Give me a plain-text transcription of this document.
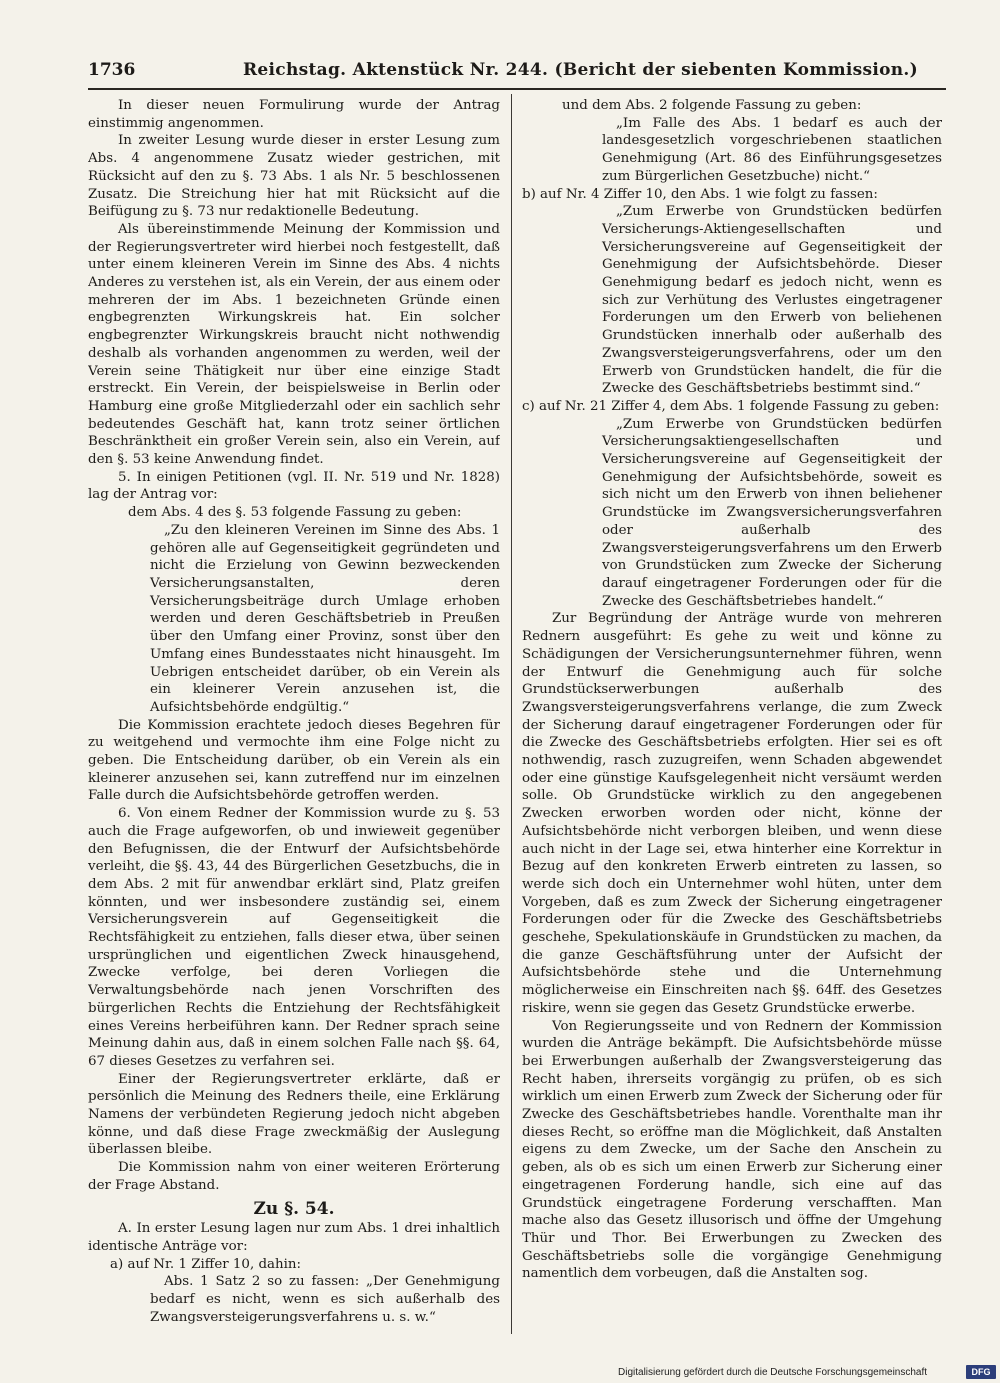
1736	Reichstag. Aktenstück Nr. 244. (Bericht der siebenten Kommission.)

In dieser neuen Formulirung wurde der Antrag einstimmig angenommen.

In zweiter Lesung wurde dieser in erster Lesung zum Abs. 4 angenommene Zusatz wieder gestrichen, mit Rücksicht auf den zu §. 73 Abs. 1 als Nr. 5 beschlossenen Zusatz. Die Streichung hier hat mit Rücksicht auf die Beifügung zu §. 73 nur redaktionelle Bedeutung.

Als übereinstimmende Meinung der Kommission und der Regierungsvertreter wird hierbei noch festgestellt, daß unter einem kleineren Verein im Sinne des Abs. 4 nichts Anderes zu verstehen ist, als ein Verein, der aus einem oder mehreren der im Abs. 1 bezeichneten Gründe einen engbegrenzten Wirkungskreis hat. Ein solcher engbegrenzter Wirkungskreis braucht nicht nothwendig deshalb als vorhanden angenommen zu werden, weil der Verein seine Thätigkeit nur über eine einzige Stadt erstreckt. Ein Verein, der beispielsweise in Berlin oder Hamburg eine große Mitgliederzahl oder ein sachlich sehr bedeutendes Geschäft hat, kann trotz seiner örtlichen Beschränktheit ein großer Verein sein, also ein Verein, auf den §. 53 keine Anwendung findet.

5. In einigen Petitionen (vgl. II. Nr. 519 und Nr. 1828) lag der Antrag vor:

dem Abs. 4 des §. 53 folgende Fassung zu geben:

„Zu den kleineren Vereinen im Sinne des Abs. 1 gehören alle auf Gegenseitigkeit gegründeten und nicht die Erzielung von Gewinn bezweckenden Versicherungsanstalten, deren Versicherungsbeiträge durch Umlage erhoben werden und deren Geschäftsbetrieb in Preußen über den Umfang einer Provinz, sonst über den Umfang eines Bundesstaates nicht hinausgeht. Im Uebrigen entscheidet darüber, ob ein Verein als ein kleinerer Verein anzusehen ist, die Aufsichtsbehörde endgültig.“

Die Kommission erachtete jedoch dieses Begehren für zu weitgehend und vermochte ihm eine Folge nicht zu geben. Die Entscheidung darüber, ob ein Verein als ein kleinerer anzusehen sei, kann zutreffend nur im einzelnen Falle durch die Aufsichtsbehörde getroffen werden.

6. Von einem Redner der Kommission wurde zu §. 53 auch die Frage aufgeworfen, ob und inwieweit gegenüber den Befugnissen, die der Entwurf der Aufsichtsbehörde verleiht, die §§. 43, 44 des Bürgerlichen Gesetzbuchs, die in dem Abs. 2 mit für anwendbar erklärt sind, Platz greifen könnten, und wer insbesondere zuständig sei, einem Versicherungsverein auf Gegenseitigkeit die Rechtsfähigkeit zu entziehen, falls dieser etwa, über seinen ursprünglichen und eigentlichen Zweck hinausgehend, Zwecke verfolge, bei deren Vorliegen die Verwaltungsbehörde nach jenen Vorschriften des bürgerlichen Rechts die Entziehung der Rechtsfähigkeit eines Vereins herbeiführen kann. Der Redner sprach seine Meinung dahin aus, daß in einem solchen Falle nach §§. 64, 67 dieses Gesetzes zu verfahren sei.

Einer der Regierungsvertreter erklärte, daß er persönlich die Meinung des Redners theile, eine Erklärung Namens der verbündeten Regierung jedoch nicht abgeben könne, und daß diese Frage zweckmäßig der Auslegung überlassen bleibe.

Die Kommission nahm von einer weiteren Erörterung der Frage Abstand.

Zu §. 54.

A. In erster Lesung lagen nur zum Abs. 1 drei inhaltlich identische Anträge vor:

a) auf Nr. 1 Ziffer 10, dahin:

Abs. 1 Satz 2 so zu fassen: „Der Genehmigung bedarf es nicht, wenn es sich außerhalb des Zwangsversteigerungsverfahrens u. s. w.“

und dem Abs. 2 folgende Fassung zu geben:

„Im Falle des Abs. 1 bedarf es auch der landesgesetzlich vorgeschriebenen staatlichen Genehmigung (Art. 86 des Einführungsgesetzes zum Bürgerlichen Gesetzbuche) nicht.“

b) auf Nr. 4 Ziffer 10, den Abs. 1 wie folgt zu fassen:

„Zum Erwerbe von Grundstücken bedürfen Versicherungs-Aktiengesellschaften und Versicherungsvereine auf Gegenseitigkeit der Genehmigung der Aufsichtsbehörde. Dieser Genehmigung bedarf es jedoch nicht, wenn es sich zur Verhütung des Verlustes eingetragener Forderungen um den Erwerb von beliehenen Grundstücken innerhalb oder außerhalb des Zwangsversteigerungsverfahrens, oder um den Erwerb von Grundstücken handelt, die für die Zwecke des Geschäftsbetriebs bestimmt sind.“

c) auf Nr. 21 Ziffer 4, dem Abs. 1 folgende Fassung zu geben:

„Zum Erwerbe von Grundstücken bedürfen Versicherungsaktiengesellschaften und Versicherungsvereine auf Gegenseitigkeit der Genehmigung der Aufsichtsbehörde, soweit es sich nicht um den Erwerb von ihnen beliehener Grundstücke im Zwangsversicherungsverfahren oder außerhalb des Zwangsversteigerungsverfahrens um den Erwerb von Grundstücken zum Zwecke der Sicherung darauf eingetragener Forderungen oder für die Zwecke des Geschäftsbetriebes handelt.“

Zur Begründung der Anträge wurde von mehreren Rednern ausgeführt: Es gehe zu weit und könne zu Schädigungen der Versicherungsunternehmer führen, wenn der Entwurf die Genehmigung auch für solche Grundstückserwerbungen außerhalb des Zwangsversteigerungsverfahrens verlange, die zum Zweck der Sicherung darauf eingetragener Forderungen oder für die Zwecke des Geschäftsbetriebs erfolgten. Hier sei es oft nothwendig, rasch zuzugreifen, wenn Schaden abgewendet oder eine günstige Kaufsgelegenheit nicht versäumt werden solle. Ob Grundstücke wirklich zu den angegebenen Zwecken erworben worden oder nicht, könne der Aufsichtsbehörde nicht verborgen bleiben, und wenn diese auch nicht in der Lage sei, etwa hinterher eine Korrektur in Bezug auf den konkreten Erwerb eintreten zu lassen, so werde sich doch ein Unternehmer wohl hüten, unter dem Vorgeben, daß es zum Zweck der Sicherung eingetragener Forderungen oder für die Zwecke des Geschäftsbetriebs geschehe, Spekulationskäufe in Grundstücken zu machen, da die ganze Geschäftsführung unter der Aufsicht der Aufsichtsbehörde stehe und die Unternehmung möglicherweise ein Einschreiten nach §§. 64ff. des Gesetzes riskire, wenn sie gegen das Gesetz Grundstücke erwerbe.

Von Regierungsseite und von Rednern der Kommission wurden die Anträge bekämpft. Die Aufsichtsbehörde müsse bei Erwerbungen außerhalb der Zwangsversteigerung das Recht haben, ihrerseits vorgängig zu prüfen, ob es sich wirklich um einen Erwerb zum Zweck der Sicherung oder für Zwecke des Geschäftsbetriebes handle. Vorenthalte man ihr dieses Recht, so eröffne man die Möglichkeit, daß Anstalten eigens zu dem Zwecke, um der Sache den Anschein zu geben, als ob es sich um einen Erwerb zur Sicherung einer eingetragenen Forderung handle, sich eine auf das Grundstück eingetragene Forderung verschafften. Man mache also das Gesetz illusorisch und öffne der Umgehung Thür und Thor. Bei Erwerbungen zu Zwecken des Geschäftsbetriebs solle die vorgängige Genehmigung namentlich dem vorbeugen, daß die Anstalten sog.

Digitalisierung gefördert durch die Deutsche Forschungsgemeinschaft	DFG
